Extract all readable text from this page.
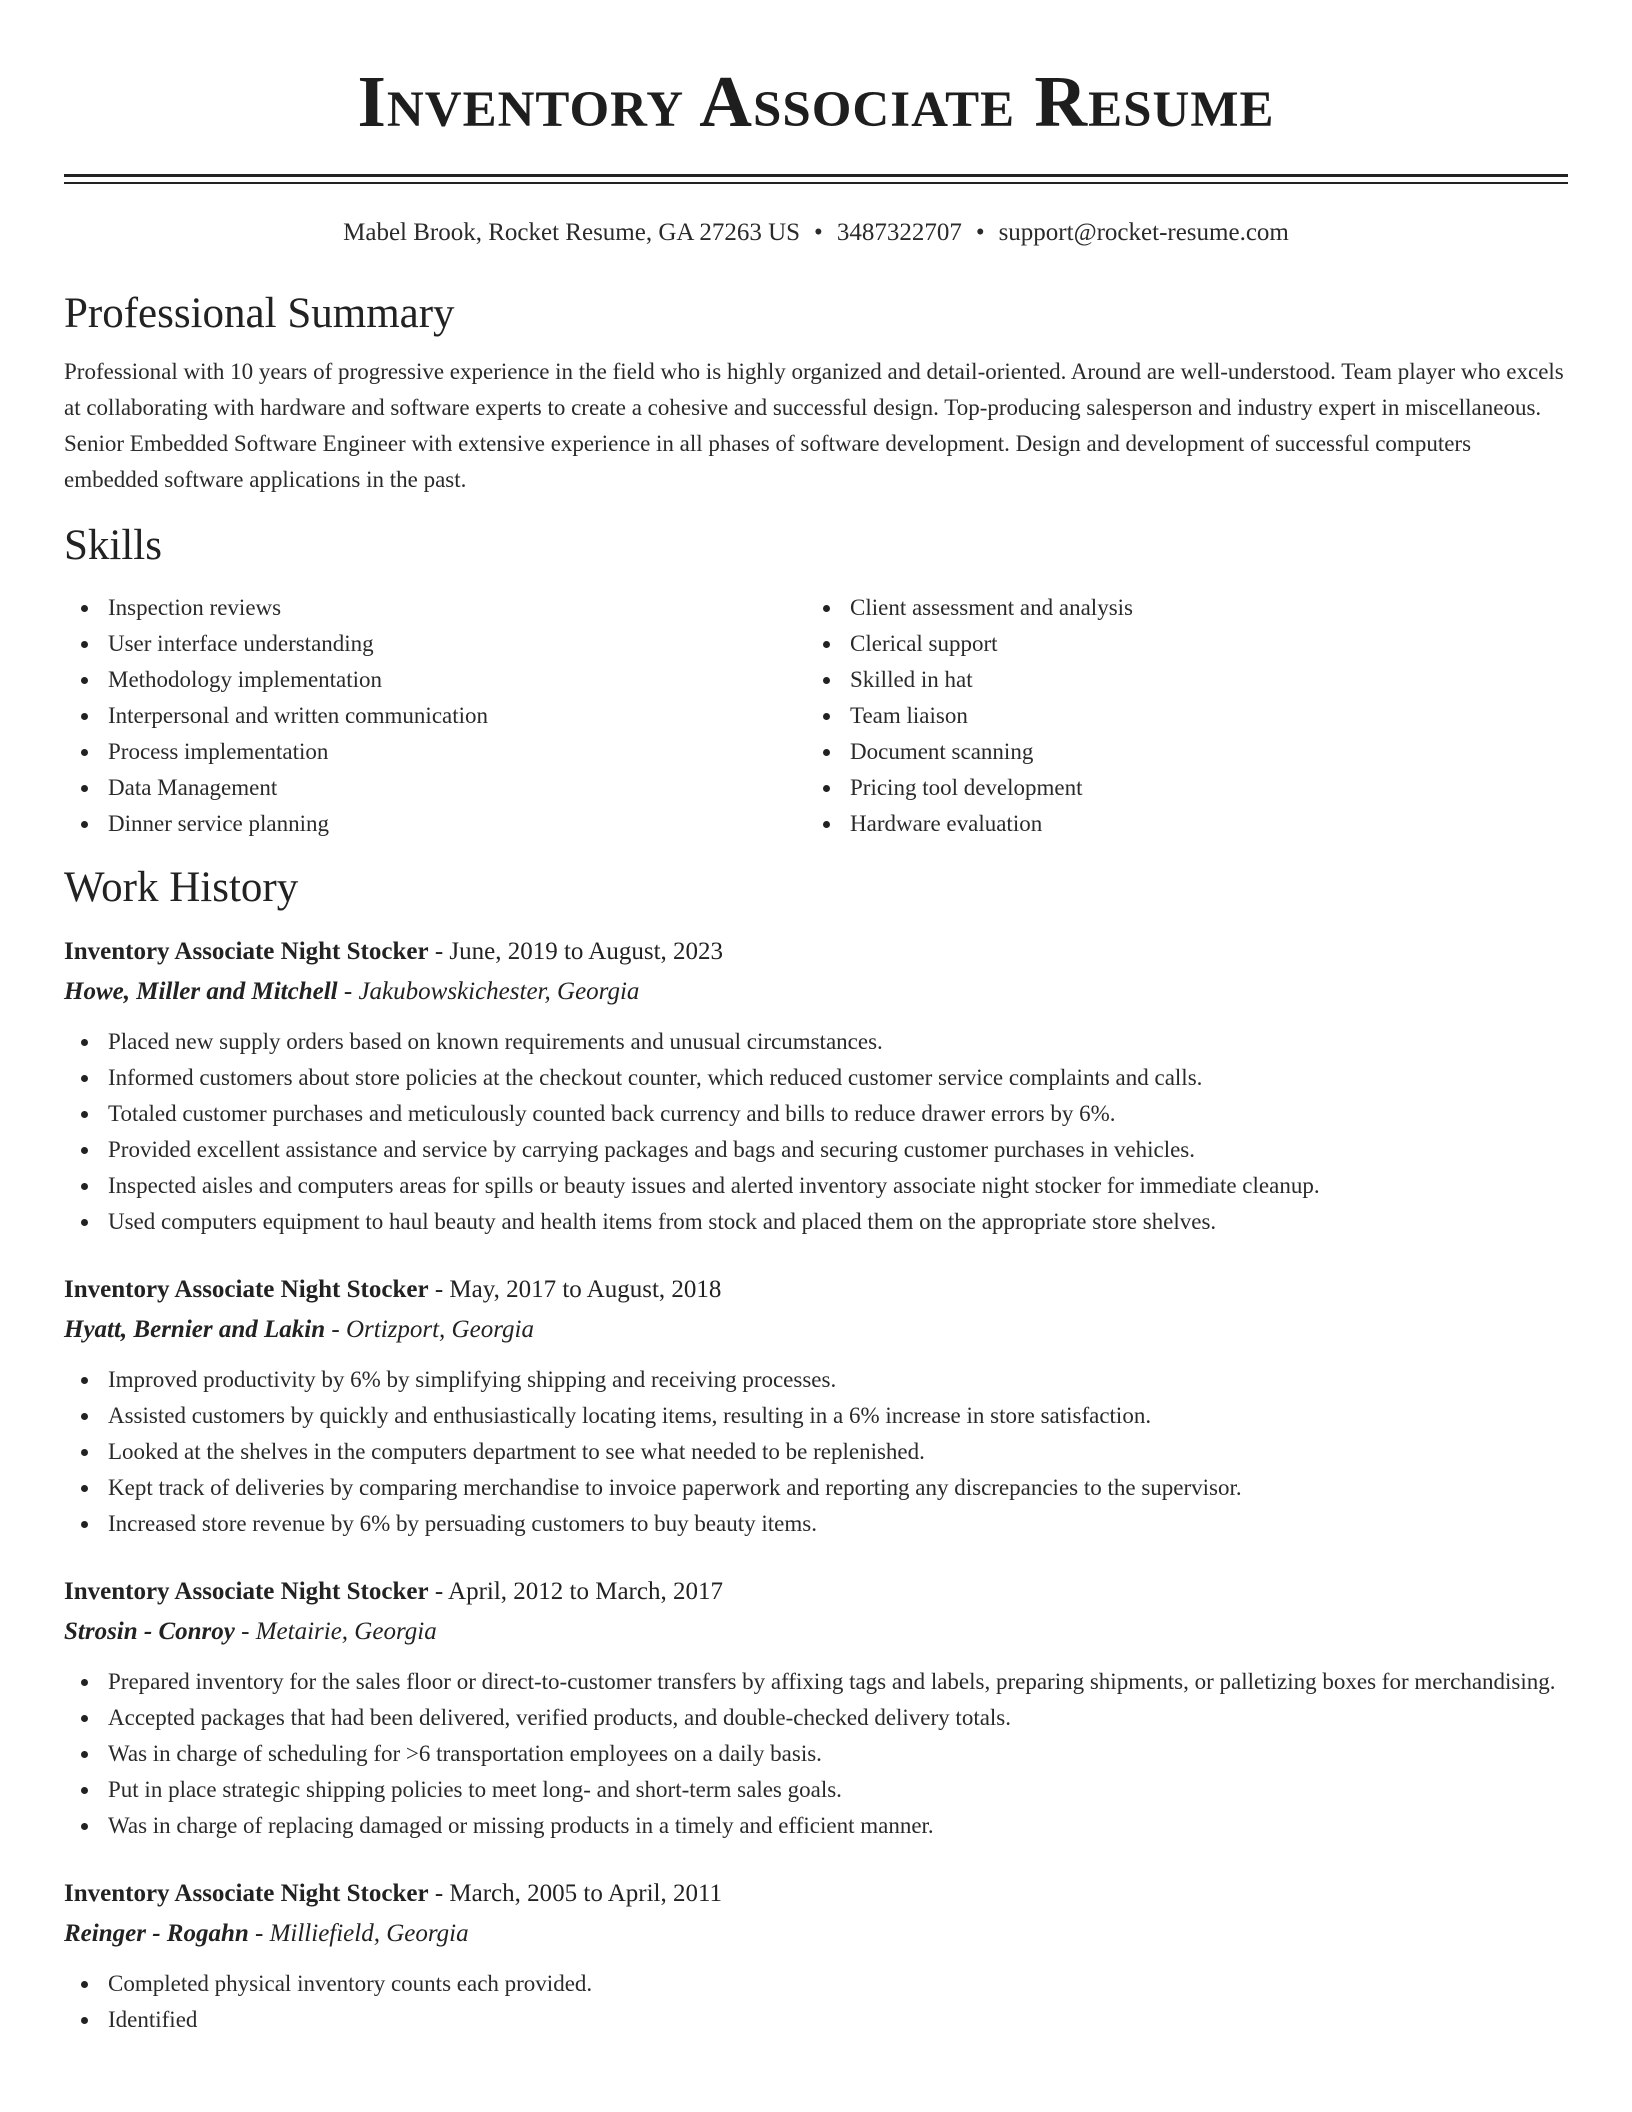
Inventory Associate Resume
Mabel Brook, Rocket Resume, GA 27263 US • 3487322707 • support@rocket-resume.com
Professional Summary

Professional with 10 years of progressive experience in the field who is highly organized and detail-oriented. Around are well-understood. Team player who excels at collaborating with hardware and software experts to create a cohesive and successful design. Top-producing salesperson and industry expert in miscellaneous. Senior Embedded Software Engineer with extensive experience in all phases of software development. Design and development of successful computers embedded software applications in the past.

Skills
Inspection reviews
User interface understanding
Methodology implementation
Interpersonal and written communication
Process implementation
Data Management
Dinner service planning
Client assessment and analysis
Clerical support
Skilled in hat
Team liaison
Document scanning
Pricing tool development
Hardware evaluation
Work History
Inventory Associate Night Stocker - June, 2019 to August, 2023
Howe, Miller and Mitchell - Jakubowskichester, Georgia
Placed new supply orders based on known requirements and unusual circumstances.
Informed customers about store policies at the checkout counter, which reduced customer service complaints and calls.
Totaled customer purchases and meticulously counted back currency and bills to reduce drawer errors by 6%.
Provided excellent assistance and service by carrying packages and bags and securing customer purchases in vehicles.
Inspected aisles and computers areas for spills or beauty issues and alerted inventory associate night stocker for immediate cleanup.
Used computers equipment to haul beauty and health items from stock and placed them on the appropriate store shelves.
Inventory Associate Night Stocker - May, 2017 to August, 2018
Hyatt, Bernier and Lakin - Ortizport, Georgia
Improved productivity by 6% by simplifying shipping and receiving processes.
Assisted customers by quickly and enthusiastically locating items, resulting in a 6% increase in store satisfaction.
Looked at the shelves in the computers department to see what needed to be replenished.
Kept track of deliveries by comparing merchandise to invoice paperwork and reporting any discrepancies to the supervisor.
Increased store revenue by 6% by persuading customers to buy beauty items.
Inventory Associate Night Stocker - April, 2012 to March, 2017
Strosin - Conroy - Metairie, Georgia
Prepared inventory for the sales floor or direct-to-customer transfers by affixing tags and labels, preparing shipments, or palletizing boxes for merchandising.
Accepted packages that had been delivered, verified products, and double-checked delivery totals.
Was in charge of scheduling for >6 transportation employees on a daily basis.
Put in place strategic shipping policies to meet long- and short-term sales goals.
Was in charge of replacing damaged or missing products in a timely and efficient manner.
Inventory Associate Night Stocker - March, 2005 to April, 2011
Reinger - Rogahn - Milliefield, Georgia
Completed physical inventory counts each provided.
Identified
